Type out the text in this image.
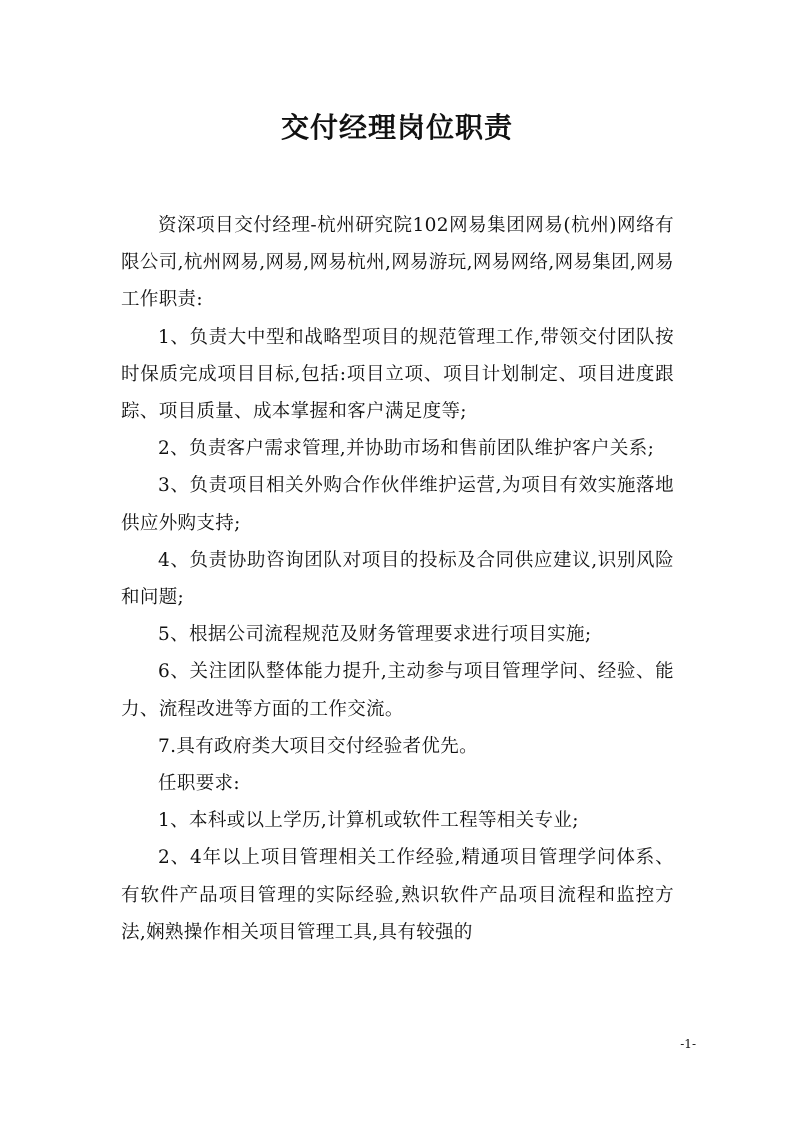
交付经理岗位职责

资深项目交付经理-杭州研究院102网易集团网易(杭州)网络有限公司,杭州网易,网易,网易杭州,网易游玩,网易网络,网易集团,网易工作职责:

1、负责大中型和战略型项目的规范管理工作,带领交付团队按时保质完成项目目标,包括:项目立项、项目计划制定、项目进度跟踪、项目质量、成本掌握和客户满足度等;

2、负责客户需求管理,并协助市场和售前团队维护客户关系;

3、负责项目相关外购合作伙伴维护运营,为项目有效实施落地供应外购支持;

4、负责协助咨询团队对项目的投标及合同供应建议,识别风险和问题;

5、根据公司流程规范及财务管理要求进行项目实施;

6、关注团队整体能力提升,主动参与项目管理学问、经验、能力、流程改进等方面的工作交流。

7.具有政府类大项目交付经验者优先。

任职要求:

1、本科或以上学历,计算机或软件工程等相关专业;

2、4年以上项目管理相关工作经验,精通项目管理学问体系、有软件产品项目管理的实际经验,熟识软件产品项目流程和监控方法,娴熟操作相关项目管理工具,具有较强的

-1-
